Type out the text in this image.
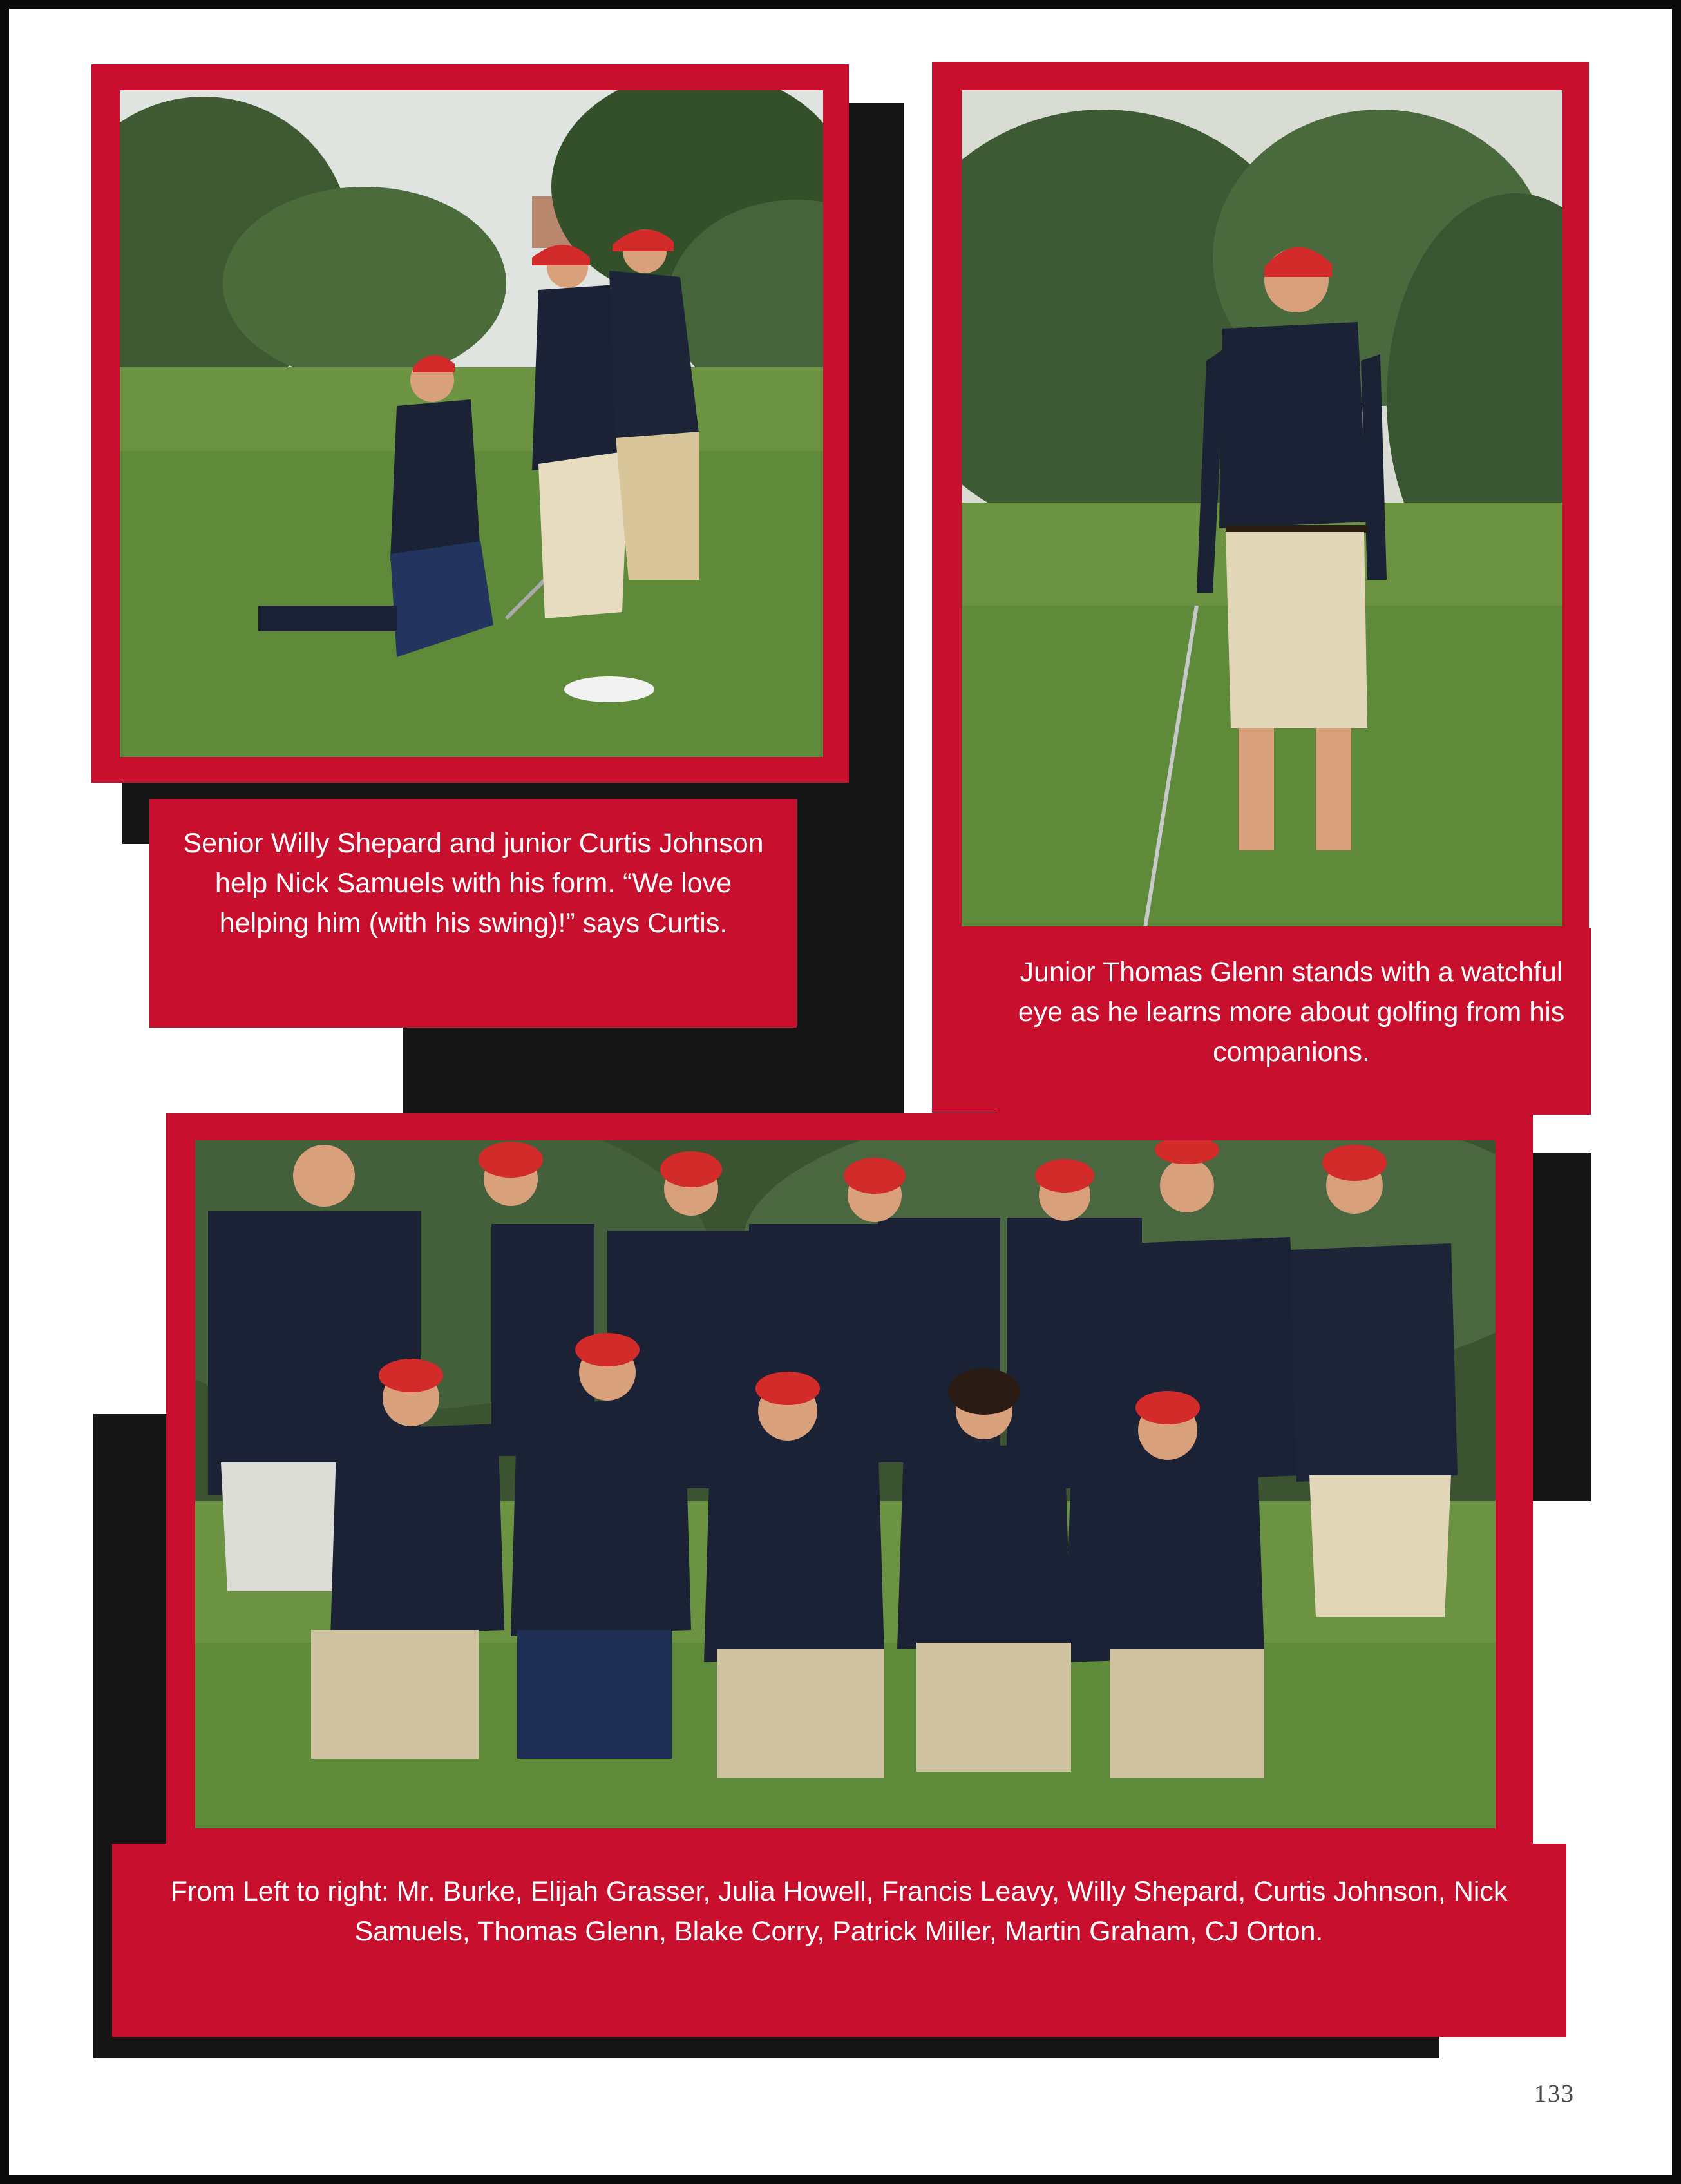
Senior Willy Shepard and junior Curtis Johnson help Nick Samuels with his form. “We love helping him (with his swing)!” says Curtis.
Junior Thomas Glenn stands with a watchful eye as he learns more about golfing from his companions.
From Left to right: Mr. Burke, Elijah Grasser, Julia Howell, Francis Leavy, Willy Shepard, Curtis Johnson, Nick Samuels, Thomas Glenn, Blake Corry, Patrick Miller, Martin Graham, CJ Orton.
133
